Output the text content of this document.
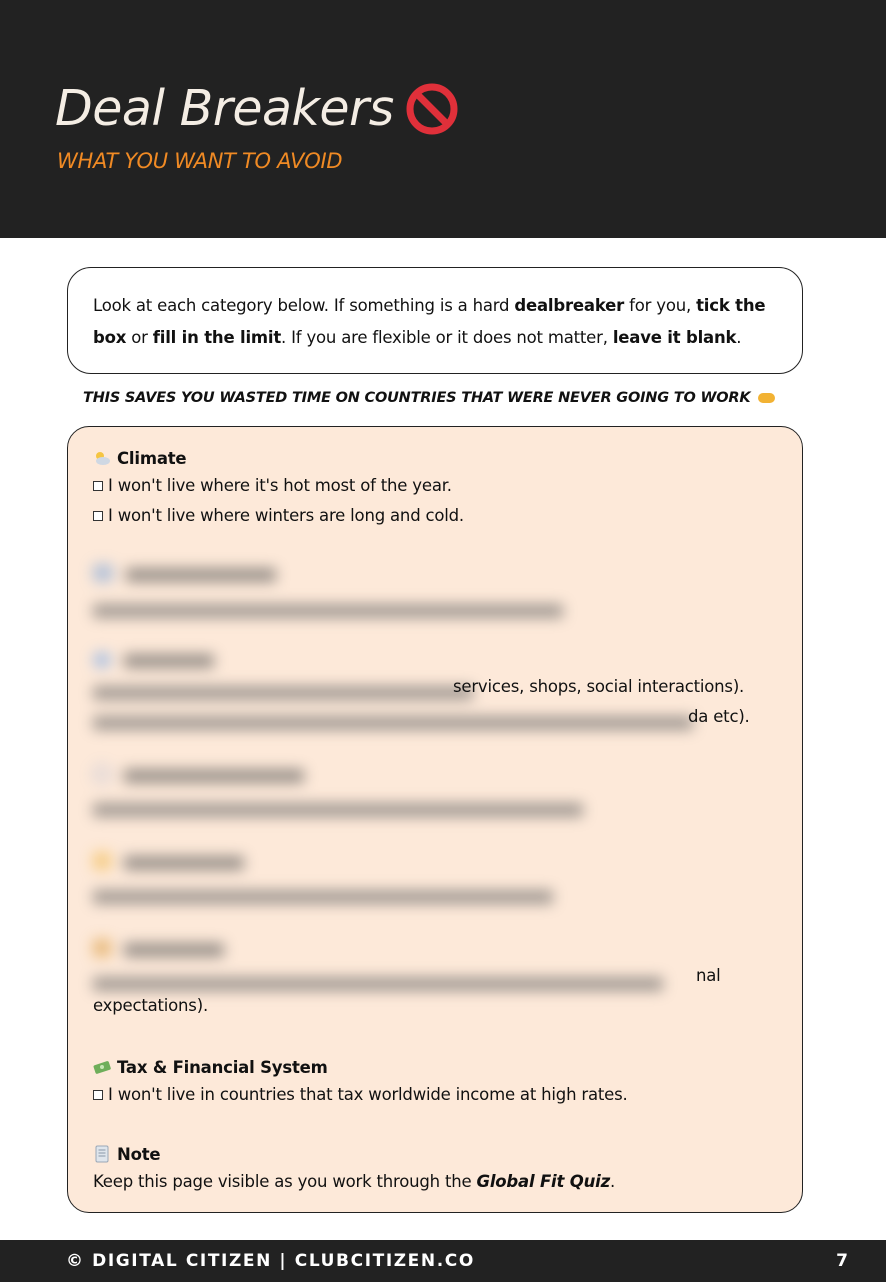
Deal Breakers
WHAT YOU WANT TO AVOID
Look at each category below. If something is a hard dealbreaker for you, tick the box or fill in the limit. If you are flexible or it does not matter, leave it blank.
THIS SAVES YOU WASTED TIME ON COUNTRIES THAT WERE NEVER GOING TO WORK
Climate
I won't live where it's hot most of the year.
I won't live where winters are long and cold.

services, shops, social interactions).
da etc).

nal
expectations).
Tax & Financial System
I won't live in countries that tax worldwide income at high rates.
Note
Keep this page visible as you work through the Global Fit Quiz.
© DIGITAL CITIZEN | CLUBCITIZEN.CO	7
